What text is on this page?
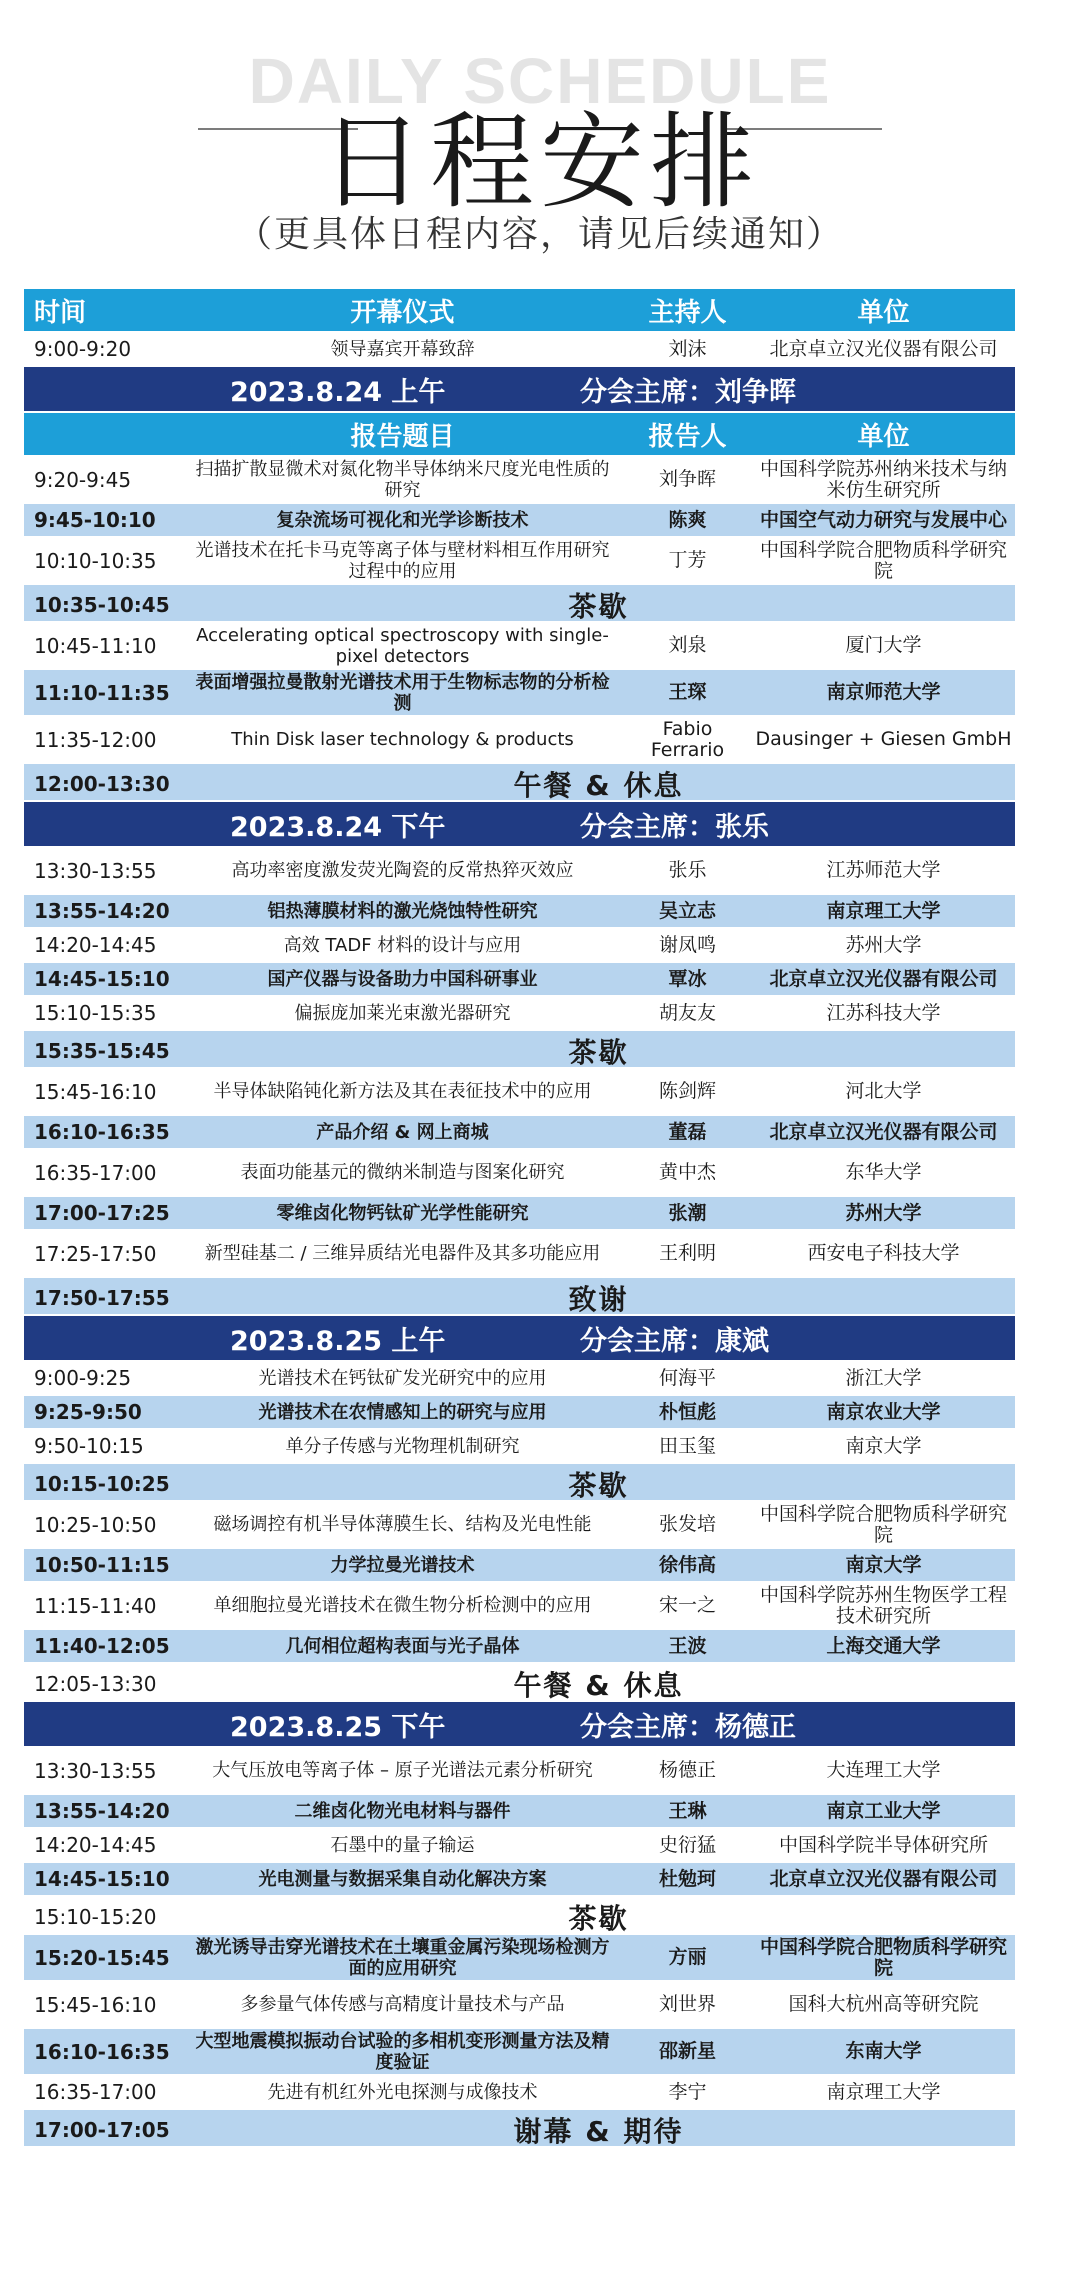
DAILY SCHEDULE
日程安排
（更具体日程内容，请见后续通知）
时间	开幕仪式	主持人	单位
9:00-9:20	领导嘉宾开幕致辞	刘沫	北京卓立汉光仪器有限公司
2023.8.24 上午	分会主席：刘争晖
报告题目	报告人	单位
9:20-9:45	扫描扩散显微术对氮化物半导体纳米尺度光电性质的研究	刘争晖	中国科学院苏州纳米技术与纳米仿生研究所
9:45-10:10	复杂流场可视化和光学诊断技术	陈爽	中国空气动力研究与发展中心
10:10-10:35	光谱技术在托卡马克等离子体与壁材料相互作用研究过程中的应用	丁芳	中国科学院合肥物质科学研究院
10:35-10:45	茶歇
10:45-11:10	Accelerating optical spectroscopy with single-pixel detectors	刘泉	厦门大学
11:10-11:35	表面增强拉曼散射光谱技术用于生物标志物的分析检测	王琛	南京师范大学
11:35-12:00	Thin Disk laser technology & products	Fabio Ferrario	Dausinger + Giesen GmbH
12:00-13:30	午餐 & 休息
2023.8.24 下午	分会主席：张乐
13:30-13:55	高功率密度激发荧光陶瓷的反常热猝灭效应	张乐	江苏师范大学
13:55-14:20	铝热薄膜材料的激光烧蚀特性研究	吴立志	南京理工大学
14:20-14:45	高效 TADF 材料的设计与应用	谢凤鸣	苏州大学
14:45-15:10	国产仪器与设备助力中国科研事业	覃冰	北京卓立汉光仪器有限公司
15:10-15:35	偏振庞加莱光束激光器研究	胡友友	江苏科技大学
15:35-15:45	茶歇
15:45-16:10	半导体缺陷钝化新方法及其在表征技术中的应用	陈剑辉	河北大学
16:10-16:35	产品介绍 & 网上商城	董磊	北京卓立汉光仪器有限公司
16:35-17:00	表面功能基元的微纳米制造与图案化研究	黄中杰	东华大学
17:00-17:25	零维卤化物钙钛矿光学性能研究	张潮	苏州大学
17:25-17:50	新型硅基二 / 三维异质结光电器件及其多功能应用	王利明	西安电子科技大学
17:50-17:55	致谢
2023.8.25 上午	分会主席：康斌
9:00-9:25	光谱技术在钙钛矿发光研究中的应用	何海平	浙江大学
9:25-9:50	光谱技术在农情感知上的研究与应用	朴恒彪	南京农业大学
9:50-10:15	单分子传感与光物理机制研究	田玉玺	南京大学
10:15-10:25	茶歇
10:25-10:50	磁场调控有机半导体薄膜生长、结构及光电性能	张发培	中国科学院合肥物质科学研究院
10:50-11:15	力学拉曼光谱技术	徐伟高	南京大学
11:15-11:40	单细胞拉曼光谱技术在微生物分析检测中的应用	宋一之	中国科学院苏州生物医学工程技术研究所
11:40-12:05	几何相位超构表面与光子晶体	王波	上海交通大学
12:05-13:30	午餐 & 休息
2023.8.25 下午	分会主席：杨德正
13:30-13:55	大气压放电等离子体 – 原子光谱法元素分析研究	杨德正	大连理工大学
13:55-14:20	二维卤化物光电材料与器件	王琳	南京工业大学
14:20-14:45	石墨中的量子输运	史衍猛	中国科学院半导体研究所
14:45-15:10	光电测量与数据采集自动化解决方案	杜勉珂	北京卓立汉光仪器有限公司
15:10-15:20	茶歇
15:20-15:45	激光诱导击穿光谱技术在土壤重金属污染现场检测方面的应用研究	方丽	中国科学院合肥物质科学研究院
15:45-16:10	多参量气体传感与高精度计量技术与产品	刘世界	国科大杭州高等研究院
16:10-16:35	大型地震模拟振动台试验的多相机变形测量方法及精度验证	邵新星	东南大学
16:35-17:00	先进有机红外光电探测与成像技术	李宁	南京理工大学
17:00-17:05	谢幕 & 期待
